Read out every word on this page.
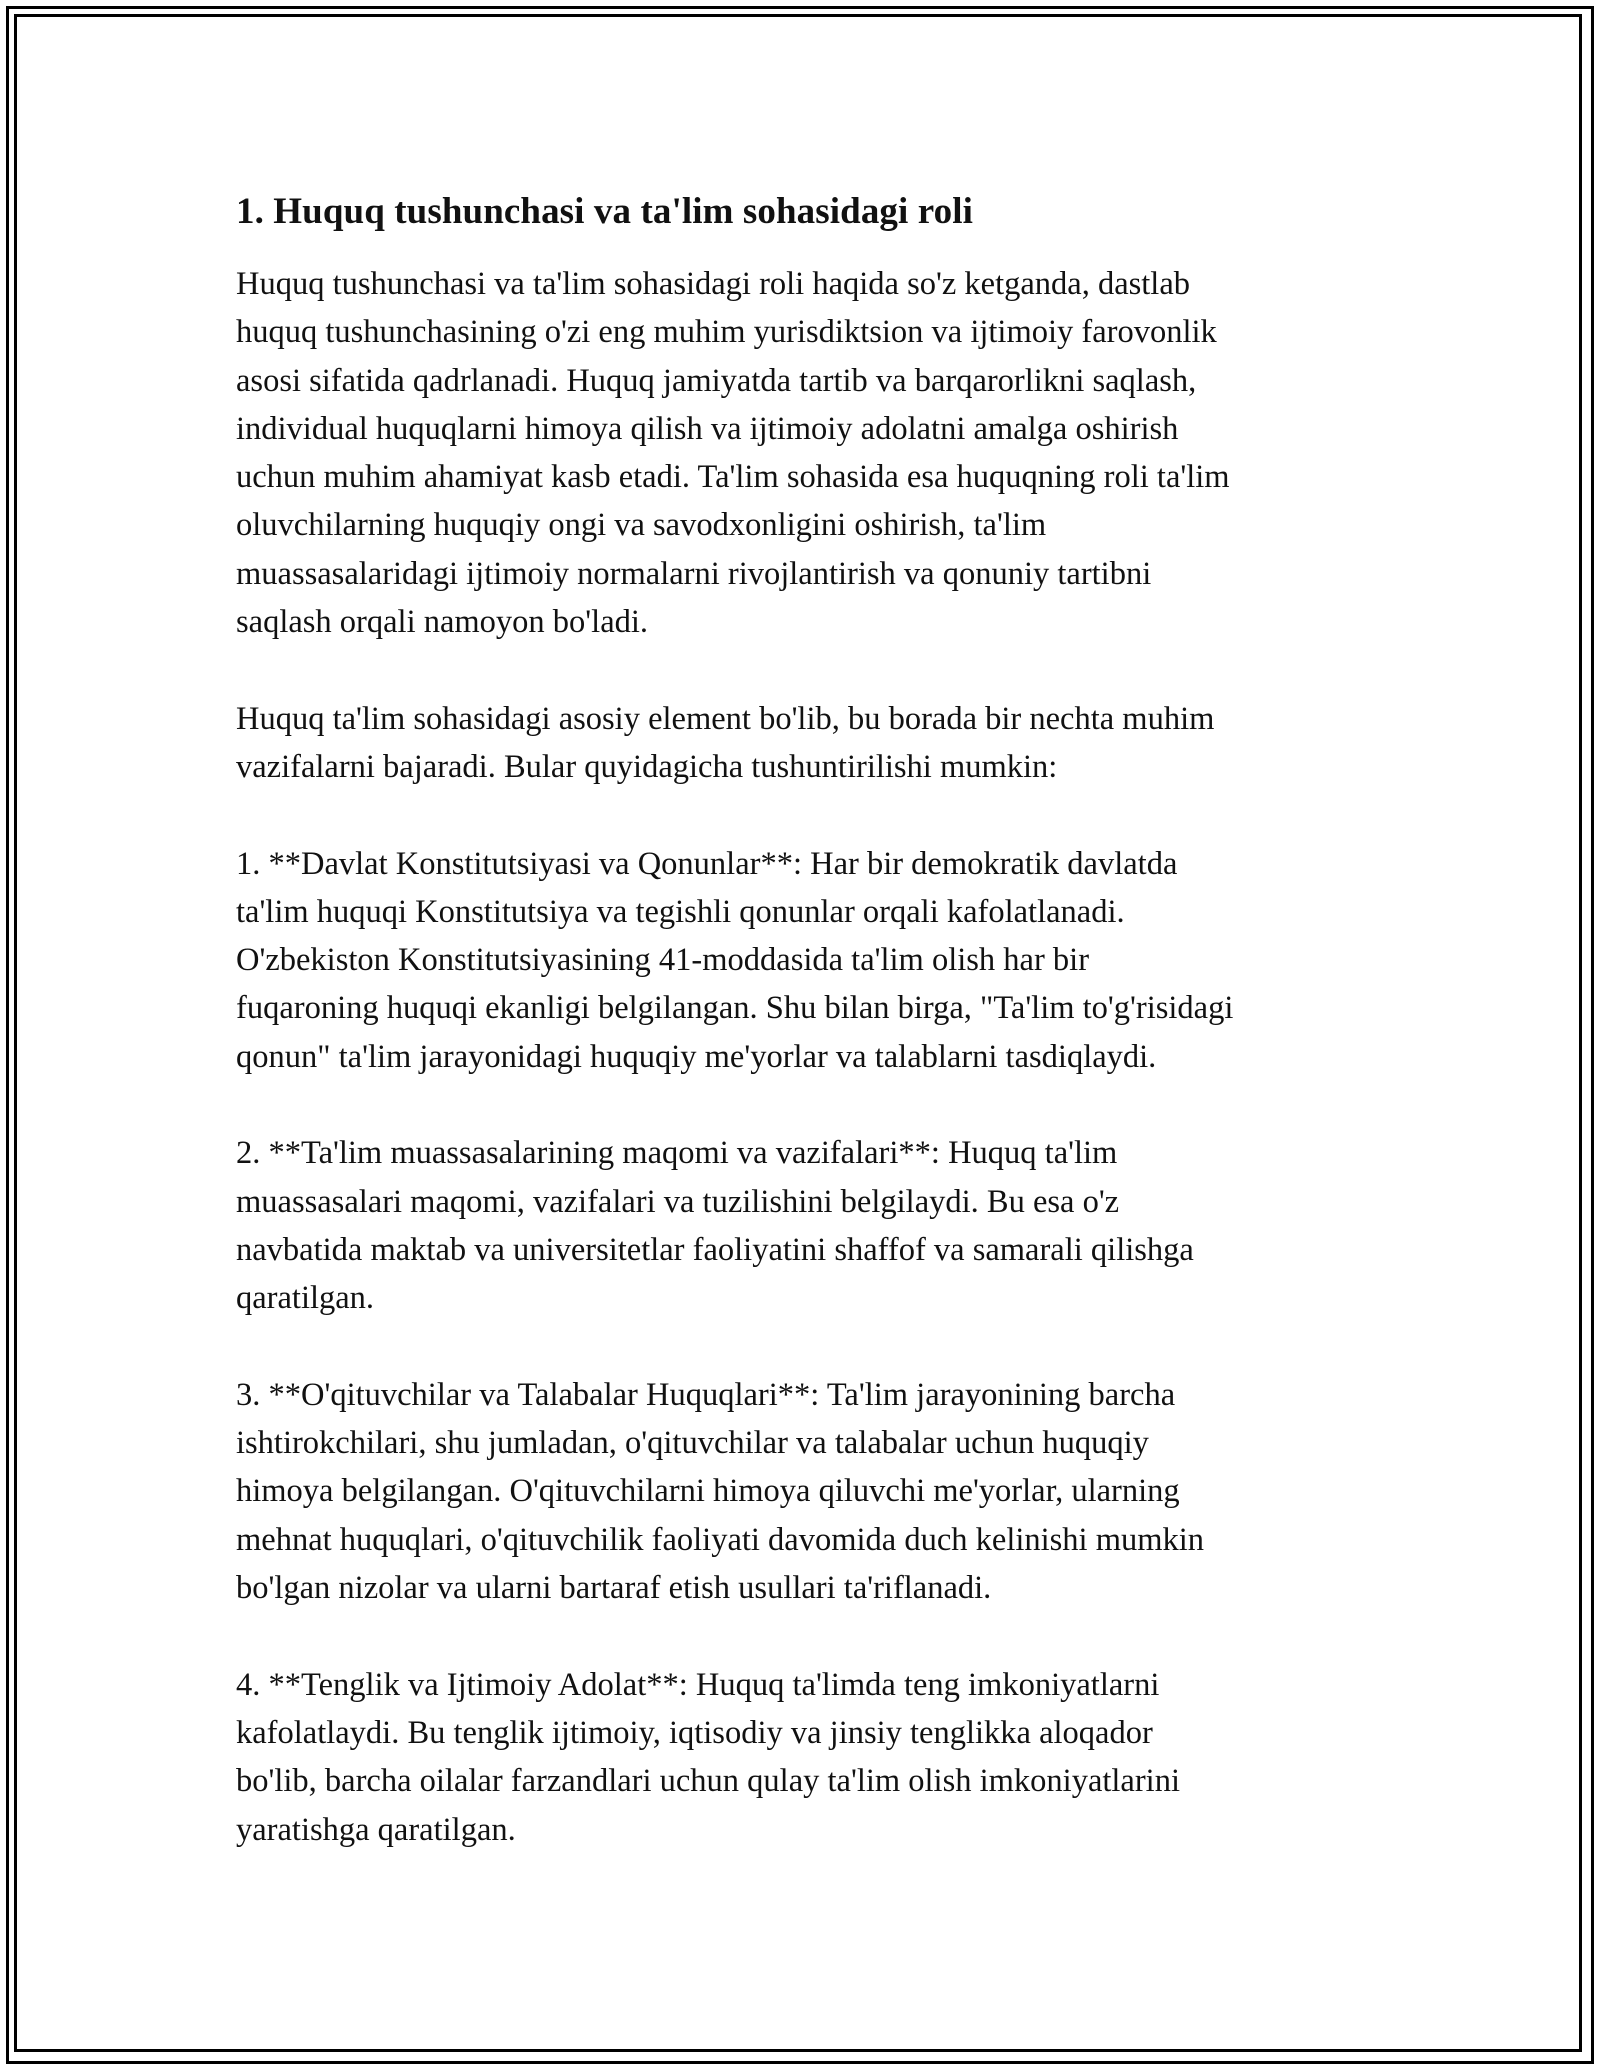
1. Huquq tushunchasi va ta'lim sohasidagi roli

Huquq tushunchasi va ta'lim sohasidagi roli haqida so'z ketganda, dastlab
huquq tushunchasining o'zi eng muhim yurisdiktsion va ijtimoiy farovonlik
asosi sifatida qadrlanadi. Huquq jamiyatda tartib va barqarorlikni saqlash,
individual huquqlarni himoya qilish va ijtimoiy adolatni amalga oshirish
uchun muhim ahamiyat kasb etadi. Ta'lim sohasida esa huquqning roli ta'lim
oluvchilarning huquqiy ongi va savodxonligini oshirish, ta'lim
muassasalaridagi ijtimoiy normalarni rivojlantirish va qonuniy tartibni
saqlash orqali namoyon bo'ladi.

Huquq ta'lim sohasidagi asosiy element bo'lib, bu borada bir nechta muhim
vazifalarni bajaradi. Bular quyidagicha tushuntirilishi mumkin:

1. **Davlat Konstitutsiyasi va Qonunlar**: Har bir demokratik davlatda
ta'lim huquqi Konstitutsiya va tegishli qonunlar orqali kafolatlanadi.
O'zbekiston Konstitutsiyasining 41-moddasida ta'lim olish har bir
fuqaroning huquqi ekanligi belgilangan. Shu bilan birga, "Ta'lim to'g'risidagi
qonun" ta'lim jarayonidagi huquqiy me'yorlar va talablarni tasdiqlaydi.

2. **Ta'lim muassasalarining maqomi va vazifalari**: Huquq ta'lim
muassasalari maqomi, vazifalari va tuzilishini belgilaydi. Bu esa o'z
navbatida maktab va universitetlar faoliyatini shaffof va samarali qilishga
qaratilgan.

3. **O'qituvchilar va Talabalar Huquqlari**: Ta'lim jarayonining barcha
ishtirokchilari, shu jumladan, o'qituvchilar va talabalar uchun huquqiy
himoya belgilangan. O'qituvchilarni himoya qiluvchi me'yorlar, ularning
mehnat huquqlari, o'qituvchilik faoliyati davomida duch kelinishi mumkin
bo'lgan nizolar va ularni bartaraf etish usullari ta'riflanadi.

4. **Tenglik va Ijtimoiy Adolat**: Huquq ta'limda teng imkoniyatlarni
kafolatlaydi. Bu tenglik ijtimoiy, iqtisodiy va jinsiy tenglikka aloqador
bo'lib, barcha oilalar farzandlari uchun qulay ta'lim olish imkoniyatlarini
yaratishga qaratilgan.
